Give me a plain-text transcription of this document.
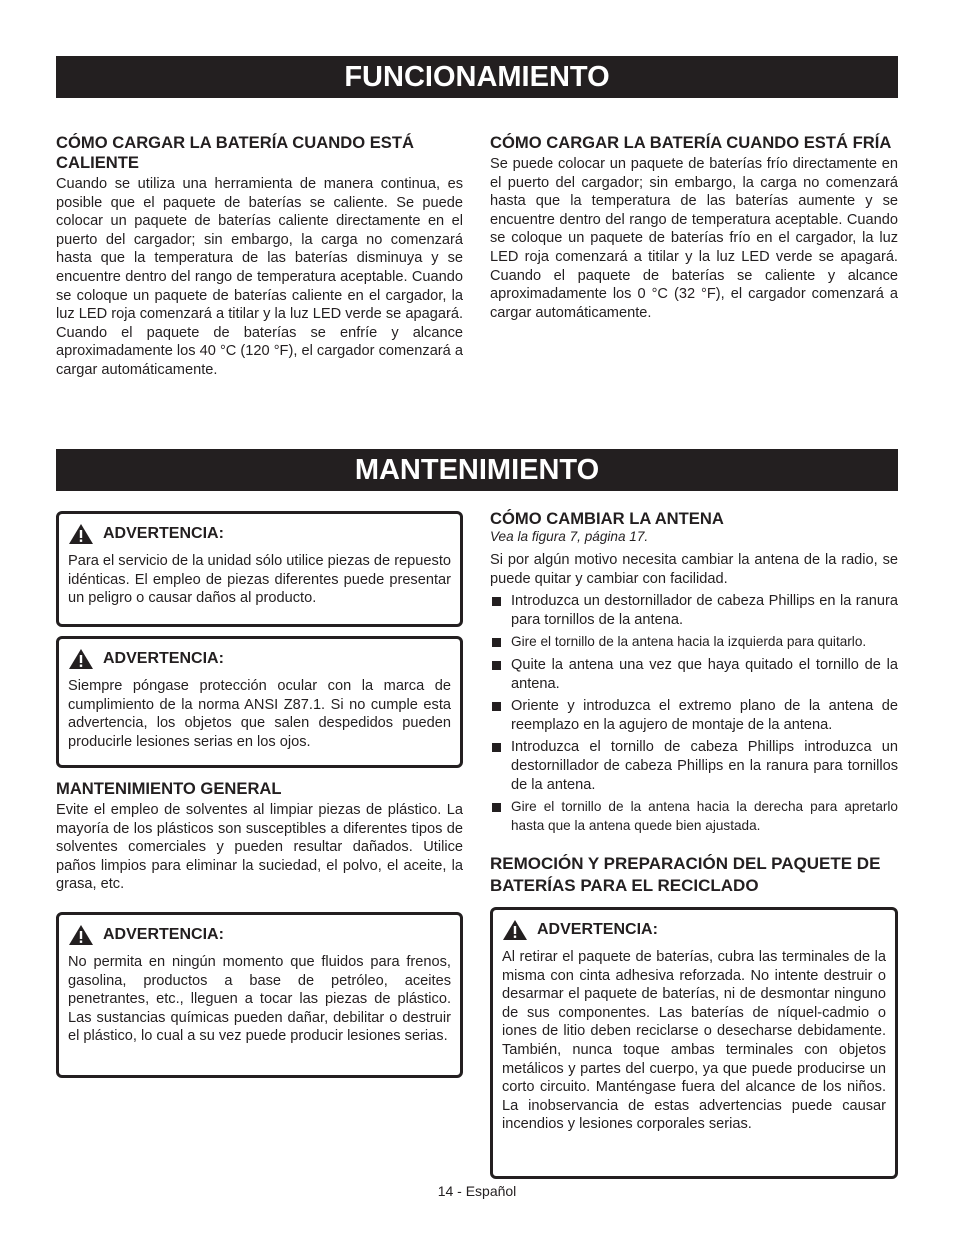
FUNCIONAMIENTO

CÓMO CARGAR LA BATERÍA CUANDO ESTÁ CALIENTE

Cuando se utiliza una herramienta de manera continua, es posible que el paquete de baterías se caliente. Se puede colocar un paquete de baterías caliente directamente en el puerto del cargador; sin embargo, la carga no comenzará hasta que la temperatura de las baterías disminuya y se encuentre dentro del rango de temperatura aceptable. Cuando se coloque un paquete de baterías caliente en el cargador, la luz LED roja comenzará a titilar y la luz LED verde se apagará. Cuando el paquete de baterías se enfríe y alcance aproximadamente los 40 °C (120 °F), el cargador comenzará a cargar automáticamente.

CÓMO CARGAR LA BATERÍA CUANDO ESTÁ FRÍA

Se puede colocar un paquete de baterías frío directamente en el puerto del cargador; sin embargo, la carga no comenzará hasta que la temperatura de las baterías aumente y se encuentre dentro del rango de temperatura aceptable. Cuando se coloque un paquete de baterías frío en el cargador, la luz LED roja comenzará a titilar y la luz LED verde se apagará. Cuando el paquete de baterías se caliente y alcance aproximadamente los 0 °C (32 °F), el cargador comenzará a cargar automáticamente.

MANTENIMIENTO
ADVERTENCIA:

Para el servicio de la unidad sólo utilice piezas de repuesto idénticas. El empleo de piezas diferentes puede presentar un peligro o causar daños al producto.

ADVERTENCIA:

Siempre póngase protección ocular con la marca de cumplimiento de la norma ANSI Z87.1. Si no cumple esta advertencia, los objetos que salen despedidos pueden producirle lesiones serias en los ojos.

MANTENIMIENTO GENERAL

Evite el empleo de solventes al limpiar piezas de plástico. La mayoría de los plásticos son susceptibles a diferentes tipos de solventes comerciales y pueden resultar dañados. Utilice paños limpios para eliminar la suciedad, el polvo, el aceite, la grasa, etc.

ADVERTENCIA:

No permita en ningún momento que fluidos para frenos, gasolina, productos a base de petróleo, aceites penetrantes, etc., lleguen a tocar las piezas de plástico. Las sustancias químicas pueden dañar, debilitar o destruir el plástico, lo cual a su vez puede producir lesiones serias.

CÓMO CAMBIAR LA ANTENA

Vea la figura 7, página 17.

Si por algún motivo necesita cambiar la antena de la radio, se puede quitar y cambiar con facilidad.

Introduzca un destornillador de cabeza Phillips en la ranura para tornillos de la antena.
Gire el tornillo de la antena hacia la izquierda para quitarlo.
Quite la antena una vez que haya quitado el tornillo de la antena.
Oriente y introduzca el extremo plano de la antena de reemplazo en la agujero de montaje de la antena.
Introduzca el tornillo de cabeza Phillips introduzca un destornillador de cabeza Phillips en la ranura para tornillos de la antena.
Gire el tornillo de la antena hacia la derecha para apretarlo hasta que la antena quede bien ajustada.

REMOCIÓN Y PREPARACIÓN DEL PAQUETE DE BATERÍAS PARA EL RECICLADO

ADVERTENCIA:

Al retirar el paquete de baterías, cubra las terminales de la misma con cinta adhesiva reforzada. No intente destruir o desarmar el paquete de baterías, ni de desmontar ninguno de sus componentes. Las baterías de níquel-cadmio o iones de litio deben reciclarse o desecharse debidamente. También, nunca toque ambas terminales con objetos metálicos y partes del cuerpo, ya que puede producirse un corto circuito. Manténgase fuera del alcance de los niños. La inobservancia de estas advertencias puede causar incendios y lesiones corporales serias.

14 - Español
